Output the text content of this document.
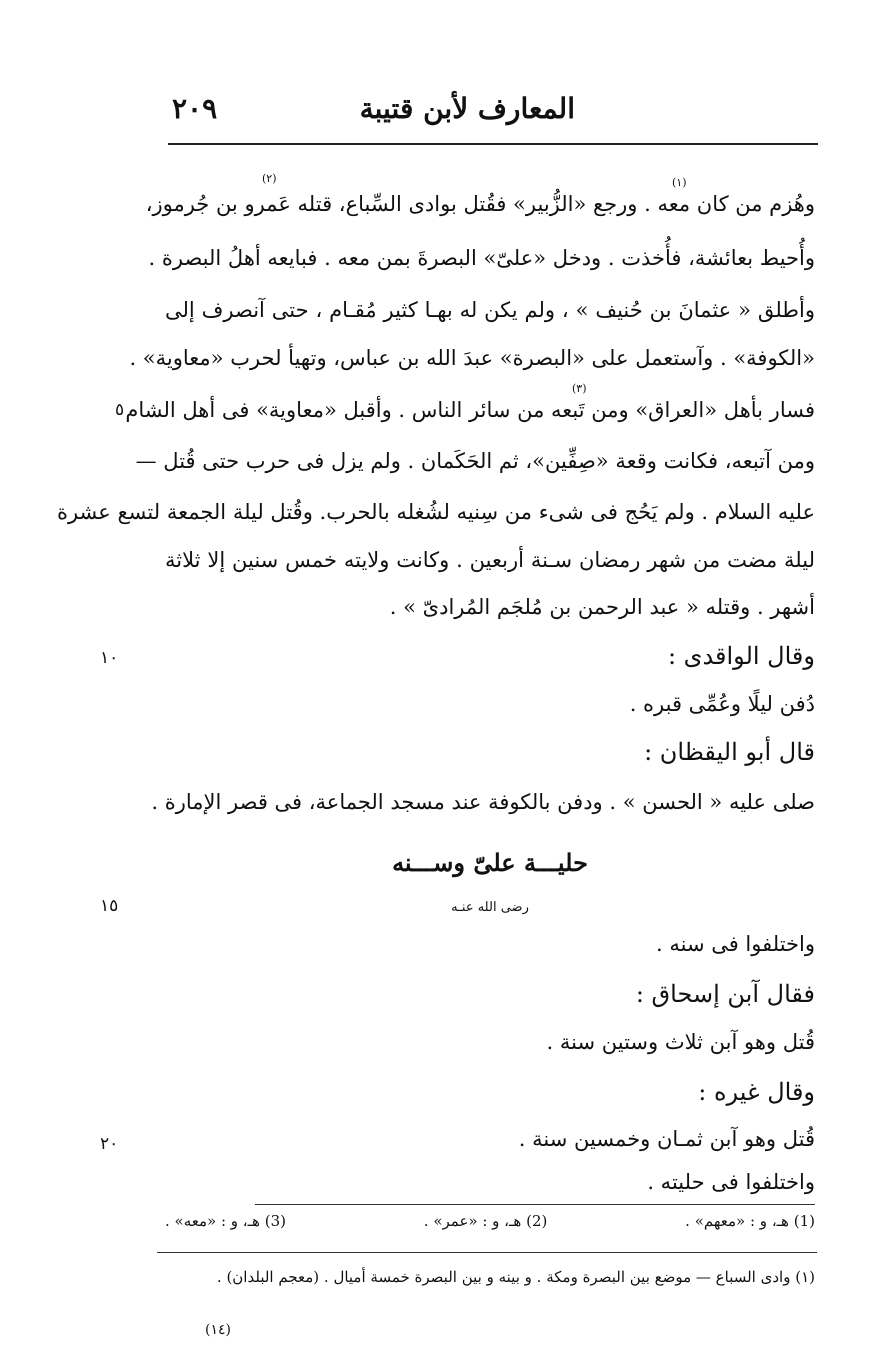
المعارف لأبن قتيبة
٢٠٩
(١)
(٢)
(٣)
وهُزم من كان معه . ورجع «الزُّبير» فقُتل بوادى السِّباع، قتله عَمرو بن جُرموز،
وأُحيط بعائشة، فأُخذت . ودخل «علىّ» البصرةَ بمن معه . فبايعه أهلُ البصرة .
وأطلق « عثمانَ بن حُنيف » ، ولم يكن له بهـا كثير مُقـام ، حتى آنصرف إلى
«الكوفة» . وآستعمل على «البصرة» عبدَ الله بن عباس، وتهيأ لحرب «معاوية» .
فسار بأهل «العراق» ومن تَبعه من سائر الناس . وأقبل «معاوية» فى أهل الشام
ومن آتبعه، فكانت وقعة «صِفِّين»، ثم الحَكَمان . ولم يزل فى حرب حتى قُتل —
عليه السلام . ولم يَحُج فى شىء من سِنيه لشُغله بالحرب. وقُتل ليلة الجمعة لتسع عشرة
ليلة مضت من شهر رمضان سـنة أربعين . وكانت ولايته خمس سنين إلا ثلاثة
أشهر . وقتله « عبد الرحمن بن مُلجَم المُرادىّ » .
وقال الواقدى :
دُفن ليلًا وعُمِّى قبره .
قال أبو اليقظان :
صلى عليه « الحسن » . ودفن بالكوفة عند مسجد الجماعة، فى قصر الإمارة .
حليـــة علىّ وســـنه
رضى الله عنـه
واختلفوا فى سنه .
فقال آبن إسحاق :
قُتل وهو آبن ثلاث وستين سنة .
وقال غيره :
قُتل وهو آبن ثمـان وخمسين سنة .
واختلفوا فى حليته .
٥
١٠
١٥
٢٠
(1) هـ، و : «معهم» .
(2) هـ، و : «عمر» .
(3) هـ، و : «معه» .
(١) وادى السباع — موضع بين البصرة ومكة . و بينه و بين البصرة خمسة أميال . (معجم البلدان) .
(١٤)
